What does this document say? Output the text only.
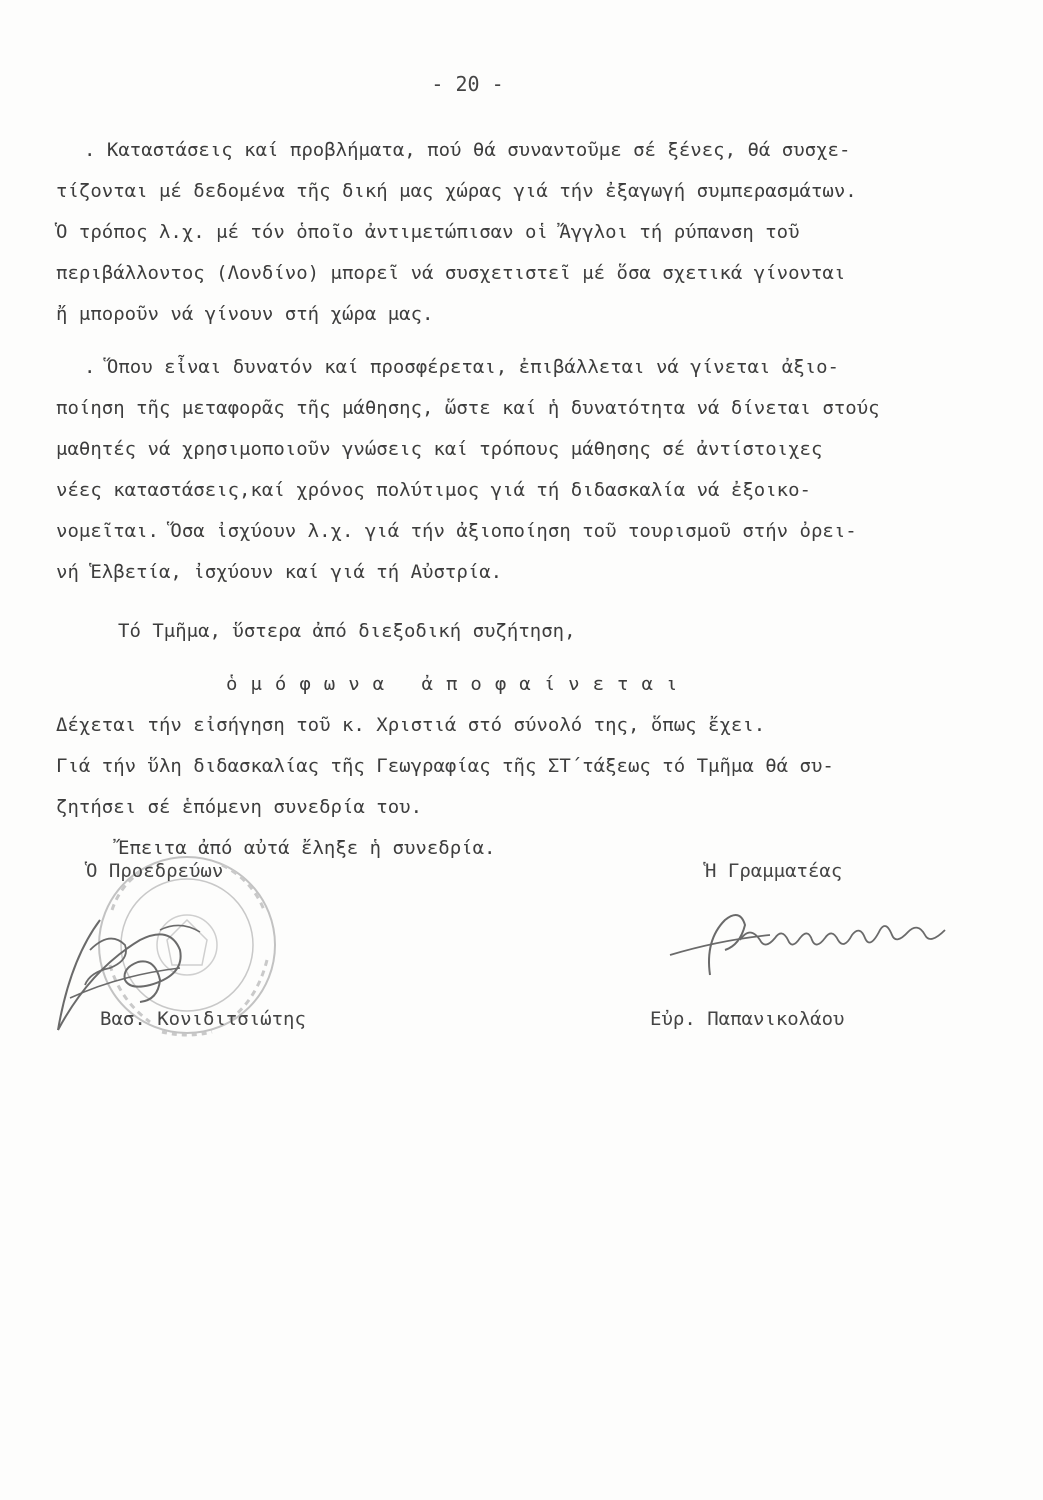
- 20 -
. Καταστάσεις καί προβλήματα, πού θά συναντοῦμε σέ ξένες, θά συσχε-
τίζονται μέ δεδομένα τῆς δική μας χώρας γιά τήν ἐξαγωγή συμπερασμάτων.
Ὁ τρόπος λ.χ. μέ τόν ὁποῖο ἀντιμετώπισαν οἱ Ἄγγλοι τή ρύπανση τοῦ
περιβάλλοντος (Λονδίνο) μπορεῖ νά συσχετιστεῖ μέ ὅσα σχετικά γίνονται
ἤ μποροῦν νά γίνουν στή χώρα μας.
. Ὅπου εἶναι δυνατόν καί προσφέρεται, ἐπιβάλλεται νά γίνεται ἀξιο-
ποίηση τῆς μεταφορᾶς τῆς μάθησης, ὥστε καί ἡ δυνατότητα νά δίνεται στούς
μαθητές νά χρησιμοποιοῦν γνώσεις καί τρόπους μάθησης σέ ἀντίστοιχες
νέες καταστάσεις,καί χρόνος πολύτιμος γιά τή διδασκαλία νά ἐξοικο-
νομεῖται. Ὅσα ἰσχύουν λ.χ. γιά τήν ἀξιοποίηση τοῦ τουρισμοῦ στήν ὀρει-
νή Ἑλβετία, ἰσχύουν καί γιά τή Αὐστρία.
Τό Τμῆμα, ὕστερα ἀπό διεξοδική συζήτηση,
ὁμόφωνα ἀποφαίνεται
Δέχεται τήν εἰσήγηση τοῦ κ. Χριστιά στό σύνολό της, ὅπως ἔχει.
Γιά τήν ὕλη διδασκαλίας τῆς Γεωγραφίας τῆς ΣΤ΄τάξεως τό Τμῆμα θά συ-
ζητήσει σέ ἑπόμενη συνεδρία του.
Ἔπειτα ἀπό αὐτά ἔληξε ἡ συνεδρία.
Ὁ Προεδρεύων
Βασ. Κονιδιτσιώτης
Ἡ Γραμματέας
Εὐρ. Παπανικολάου
